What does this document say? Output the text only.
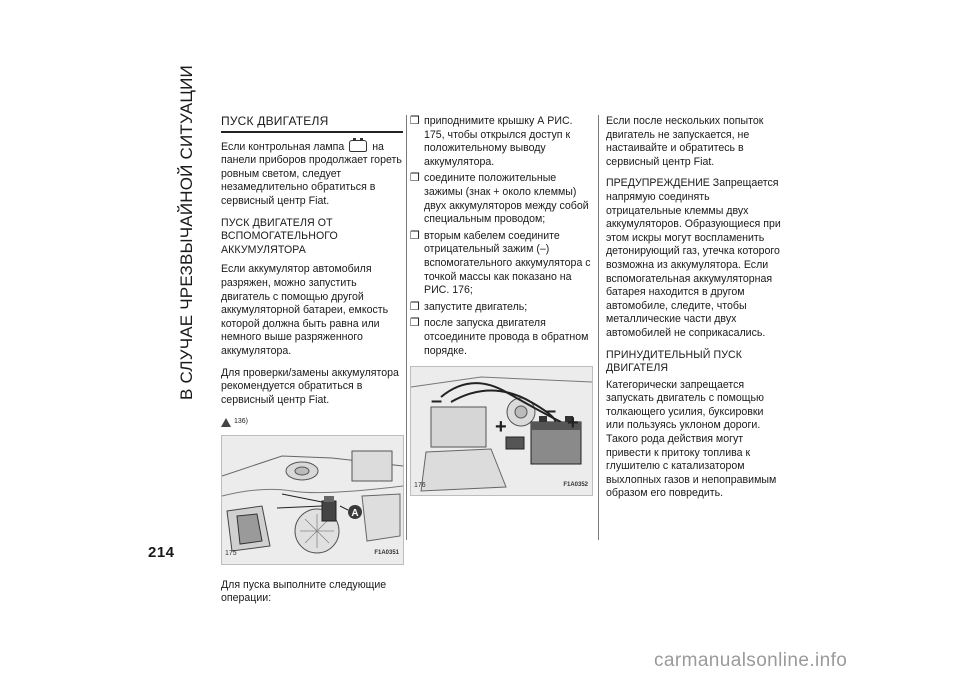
В СЛУЧАЕ ЧРЕЗВЫЧАЙНОЙ СИТУАЦИИ	ПУСК ДВИГАТЕЛЯ

Если контрольная лампа	на панели приборов продолжает гореть ровным светом, следует незамедлительно обратиться в сервисный центр Fiat.

ПУСК ДВИГАТЕЛЯ ОТ
ВСПОМОГАТЕЛЬНОГО АККУМУЛЯТОРА

Если аккумулятор автомобиля разряжен, можно запустить двигатель с помощью другой аккумуляторной батареи, емкость которой должна быть равна или немного выше разряженного аккумулятора.

Для проверки/замены аккумулятора рекомендуется обратиться в сервисный центр Fiat.

136)
A
175	F1A0351

Для пуска выполните следующие операции:

❒ приподнимите крышку А РИС. 175, чтобы открылся доступ к положительному выводу аккумулятора.
❒ соедините положительные зажимы (знак + около клеммы) двух аккумуляторов между собой специальным проводом;
❒ вторым кабелем соедините отрицательный зажим (–) вспомогательного аккумулятора с точкой массы как показано на РИС. 176;
❒ запустите двигатель;
❒ после запуска двигателя отсоедините провода в обратном порядке.
–
+
–
+
176	F1A0352

Если после нескольких попыток двигатель не запускается, не настаивайте и обратитесь в сервисный центр Fiat.

ПРЕДУПРЕЖДЕНИЕ Запрещается напрямую соединять отрицательные клеммы двух аккумуляторов. Образующиеся при этом искры могут воспламенить детонирующий газ, утечка которого возможна из аккумулятора. Если вспомогательная аккумуляторная батарея находится в другом автомобиле, следите, чтобы металлические части двух автомобилей не соприкасались.

ПРИНУДИТЕЛЬНЫЙ ПУСК ДВИГАТЕЛЯ

Категорически запрещается запускать двигатель с помощью толкающего усилия, буксировки или пользуясь уклоном дороги. Такого рода действия могут привести к притоку топлива к глушителю с катализатором выхлопных газов и непоправимым образом его повредить.

214
carmanualsonline.info
